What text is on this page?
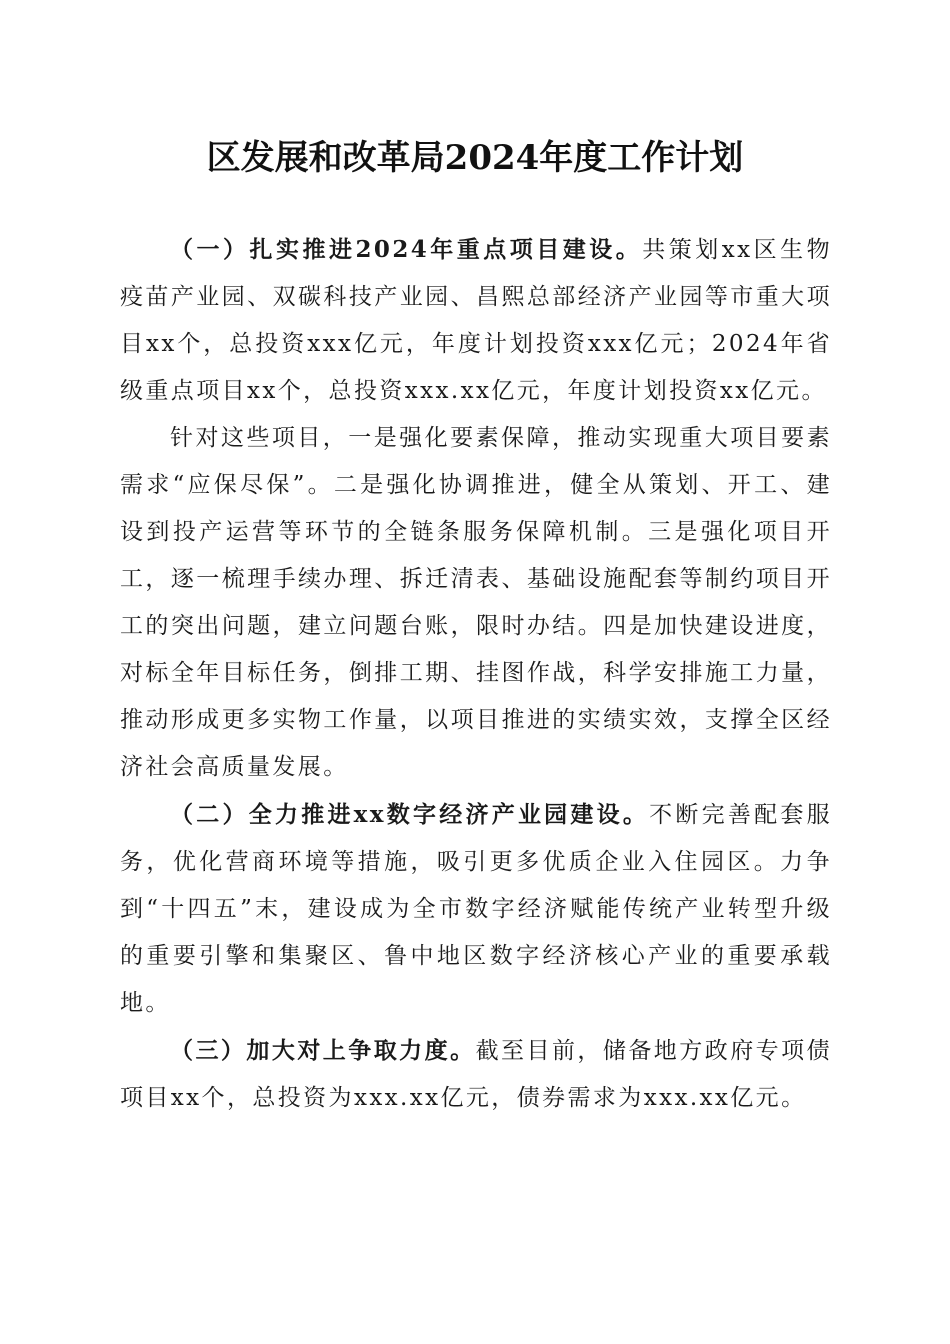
区发展和改革局2024年度工作计划

（一）扎实推进2024年重点项目建设。共策划xx区生物疫苗产业园、双碳科技产业园、昌熙总部经济产业园等市重大项目xx个，总投资xxx亿元，年度计划投资xxx亿元；2024年省级重点项目xx个，总投资xxx.xx亿元，年度计划投资xx亿元。

针对这些项目，一是强化要素保障，推动实现重大项目要素需求“应保尽保”。二是强化协调推进，健全从策划、开工、建设到投产运营等环节的全链条服务保障机制。三是强化项目开工，逐一梳理手续办理、拆迁清表、基础设施配套等制约项目开工的突出问题，建立问题台账，限时办结。四是加快建设进度，对标全年目标任务，倒排工期、挂图作战，科学安排施工力量，推动形成更多实物工作量，以项目推进的实绩实效，支撑全区经济社会高质量发展。

（二）全力推进xx数字经济产业园建设。不断完善配套服务，优化营商环境等措施，吸引更多优质企业入住园区。力争到“十四五”末，建设成为全市数字经济赋能传统产业转型升级的重要引擎和集聚区、鲁中地区数字经济核心产业的重要承载地。

（三）加大对上争取力度。截至目前，储备地方政府专项债项目xx个，总投资为xxx.xx亿元，债券需求为xxx.xx亿元。
